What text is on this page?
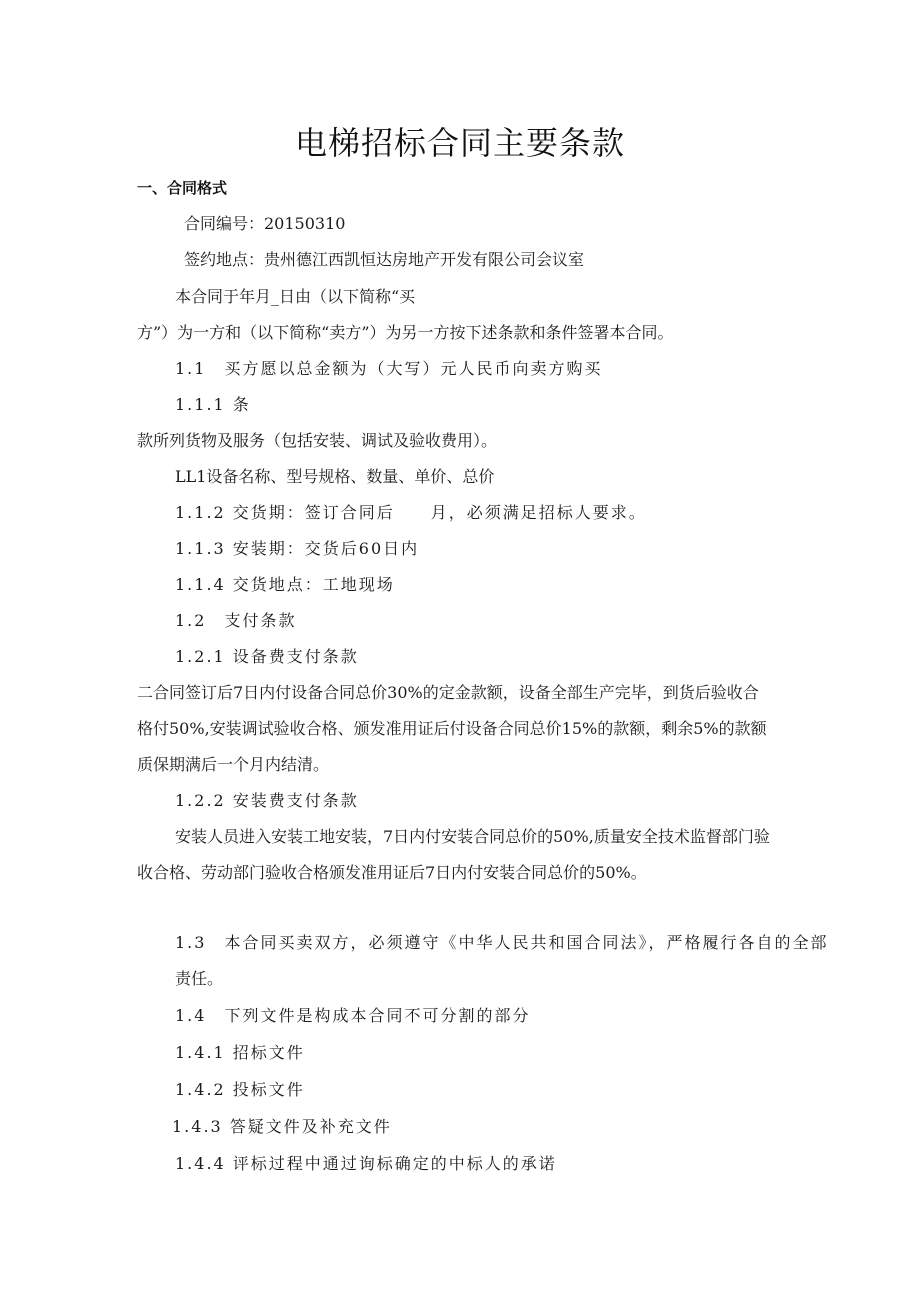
电梯招标合同主要条款
一、合同格式
合同编号：20150310
签约地点：贵州德江西凯恒达房地产开发有限公司会议室
本合同于年月_日由（以下简称“买
方”）为一方和（以下简称“卖方”）为另一方按下述条款和条件签署本合同。
1.1　买方愿以总金额为（大写）元人民币向卖方购买
1.1.1 条
款所列货物及服务（包括安装、调试及验收费用）。
LL1设备名称、型号规格、数量、单价、总价
1.1.2 交货期：签订合同后　　月，必须满足招标人要求。
1.1.3 安装期：交货后60日内
1.1.4 交货地点：工地现场
1.2　支付条款
1.2.1 设备费支付条款
二合同签订后7日内付设备合同总价30%的定金款额，设备全部生产完毕，到货后验收合
格付50%,安装调试验收合格、颁发准用证后付设备合同总价15%的款额，剩余5%的款额
质保期满后一个月内结清。
1.2.2 安装费支付条款
安装人员进入安装工地安装，7日内付安装合同总价的50%,质量安全技术监督部门验
收合格、劳动部门验收合格颁发准用证后7日内付安装合同总价的50%。
1.3　本合同买卖双方，必须遵守《中华人民共和国合同法》，严格履行各自的全部
责任。
1.4　下列文件是构成本合同不可分割的部分
1.4.1 招标文件
1.4.2 投标文件
1.4.3 答疑文件及补充文件
1.4.4 评标过程中通过询标确定的中标人的承诺
